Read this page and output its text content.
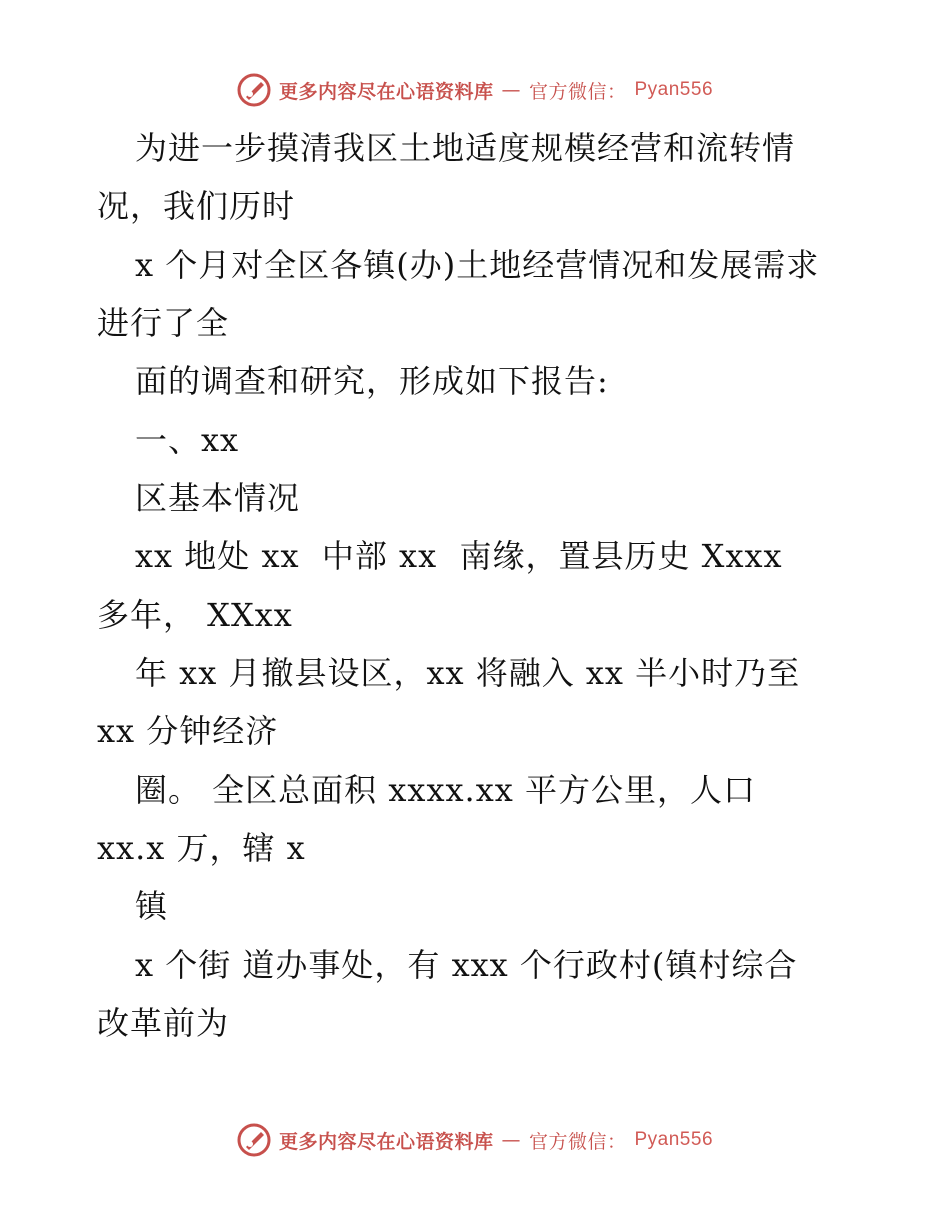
更多内容尽在心语资料库 — 官方微信： Pyan556
为进一步摸清我区土地适度规模经营和流转情
况，我们历时
x 个月对全区各镇(办)土地经营情况和发展需求
进行了全
面的调查和研究，形成如下报告:
一、xx
区基本情况
xx 地处 xx  中部 xx  南缘，置县历史 Xxxx
多年， XXxx
年 xx 月撤县设区，xx 将融入 xx 半小时乃至
xx 分钟经济
圈。 全区总面积 xxxx.xx 平方公里，人口
xx.x 万，辖 x
镇
x 个街 道办事处，有 xxx 个行政村(镇村综合
改革前为
更多内容尽在心语资料库 — 官方微信： Pyan556
